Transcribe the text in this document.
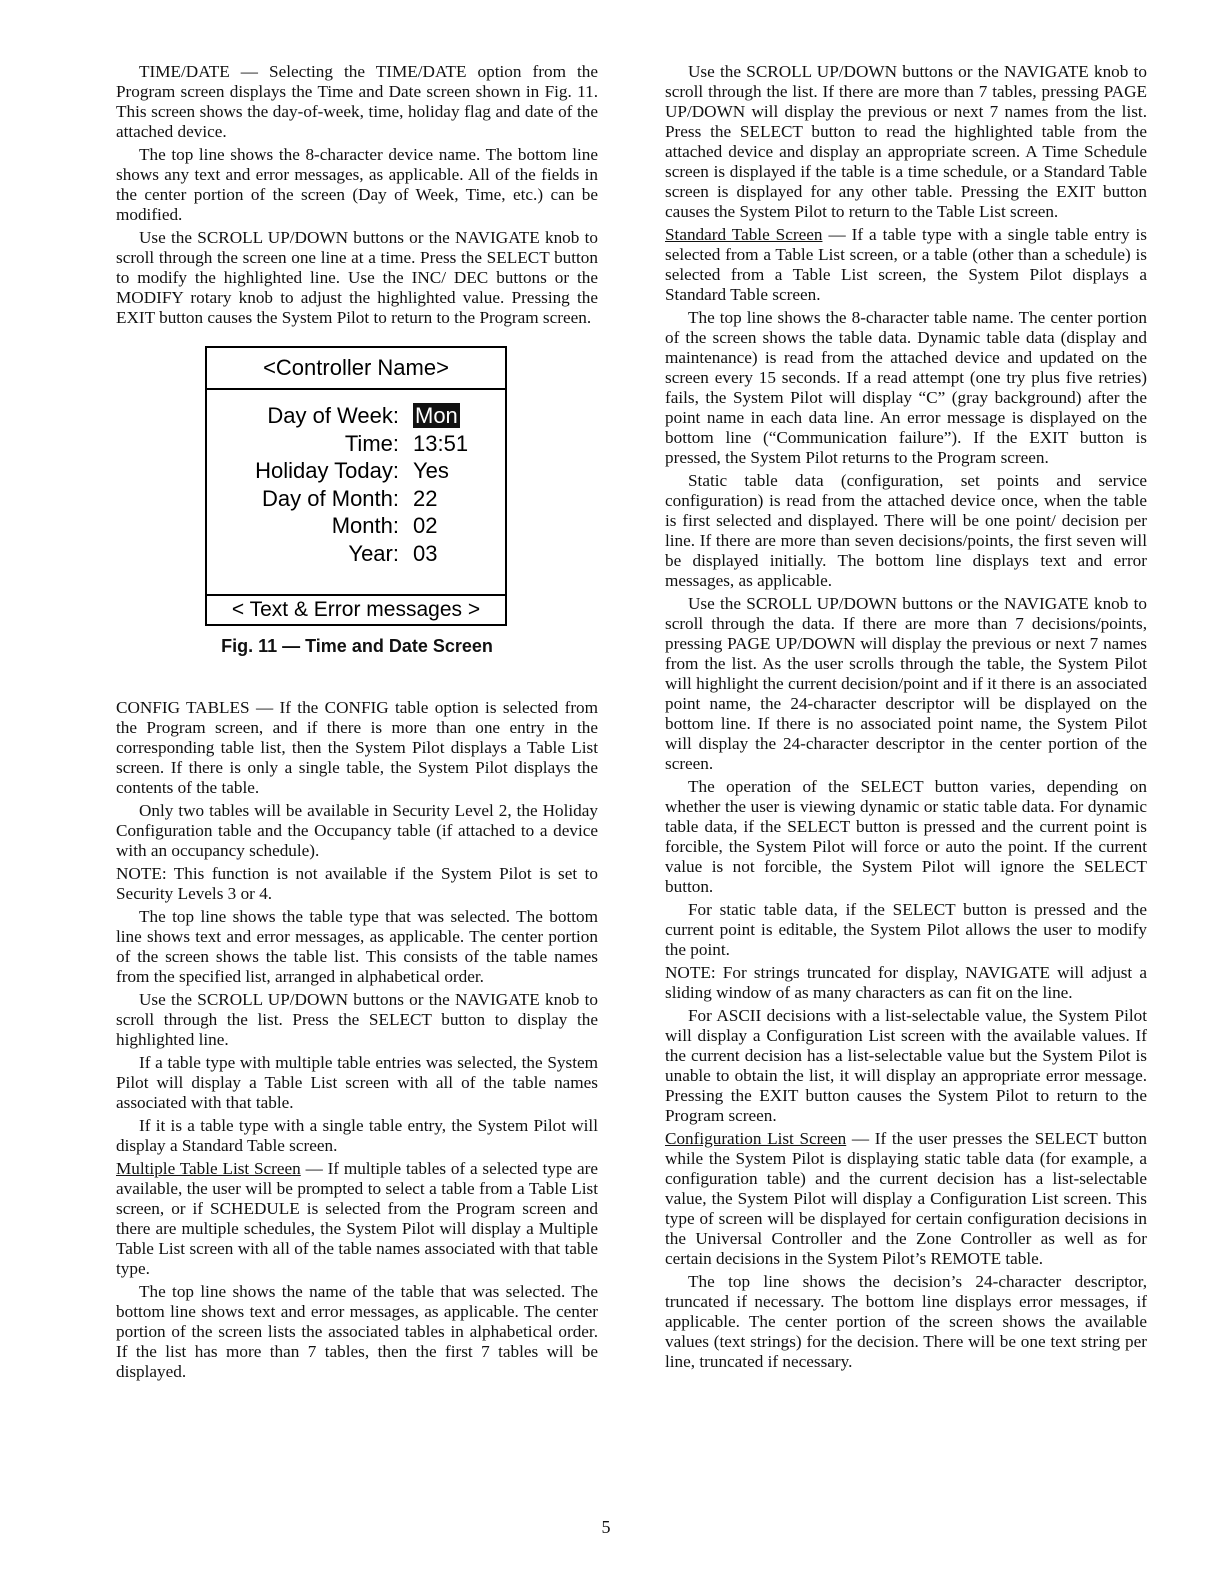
TIME/DATE — Selecting the TIME/DATE option from the Program screen displays the Time and Date screen shown in Fig. 11. This screen shows the day-of-week, time, holiday flag and date of the attached device.

The top line shows the 8-character device name. The bottom line shows any text and error messages, as applicable. All of the fields in the center portion of the screen (Day of Week, Time, etc.) can be modified.

Use the SCROLL UP/DOWN buttons or the NAVIGATE knob to scroll through the screen one line at a time. Press the SELECT button to modify the highlighted line. Use the INC/ DEC buttons or the MODIFY rotary knob to adjust the highlighted value. Pressing the EXIT button causes the System Pilot to return to the Program screen.

<Controller Name>
Day of Week: Mon
Time: 13:51
Holiday Today: Yes
Day of Month: 22
Month: 02
Year: 03
< Text & Error messages >
Fig. 11 — Time and Date Screen

CONFIG TABLES — If the CONFIG table option is selected from the Program screen, and if there is more than one entry in the corresponding table list, then the System Pilot displays a Table List screen. If there is only a single table, the System Pilot displays the contents of the table.

Only two tables will be available in Security Level 2, the Holiday Configuration table and the Occupancy table (if attached to a device with an occupancy schedule).

NOTE: This function is not available if the System Pilot is set to Security Levels 3 or 4.

The top line shows the table type that was selected. The bottom line shows text and error messages, as applicable. The center portion of the screen shows the table list. This consists of the table names from the specified list, arranged in alphabetical order.

Use the SCROLL UP/DOWN buttons or the NAVIGATE knob to scroll through the list. Press the SELECT button to display the highlighted line.

If a table type with multiple table entries was selected, the System Pilot will display a Table List screen with all of the table names associated with that table.

If it is a table type with a single table entry, the System Pilot will display a Standard Table screen.

Multiple Table List Screen — If multiple tables of a selected type are available, the user will be prompted to select a table from a Table List screen, or if SCHEDULE is selected from the Program screen and there are multiple schedules, the System Pilot will display a Multiple Table List screen with all of the table names associated with that table type.

The top line shows the name of the table that was selected. The bottom line shows text and error messages, as applicable. The center portion of the screen lists the associated tables in alphabetical order. If the list has more than 7 tables, then the first 7 tables will be displayed.

Use the SCROLL UP/DOWN buttons or the NAVIGATE knob to scroll through the list. If there are more than 7 tables, pressing PAGE UP/DOWN will display the previous or next 7 names from the list. Press the SELECT button to read the highlighted table from the attached device and display an appropriate screen. A Time Schedule screen is displayed if the table is a time schedule, or a Standard Table screen is displayed for any other table. Pressing the EXIT button causes the System Pilot to return to the Table List screen.

Standard Table Screen — If a table type with a single table entry is selected from a Table List screen, or a table (other than a schedule) is selected from a Table List screen, the System Pilot displays a Standard Table screen.

The top line shows the 8-character table name. The center portion of the screen shows the table data. Dynamic table data (display and maintenance) is read from the attached device and updated on the screen every 15 seconds. If a read attempt (one try plus five retries) fails, the System Pilot will display “C” (gray background) after the point name in each data line. An error message is displayed on the bottom line (“Communication failure”). If the EXIT button is pressed, the System Pilot returns to the Program screen.

Static table data (configuration, set points and service configuration) is read from the attached device once, when the table is first selected and displayed. There will be one point/ decision per line. If there are more than seven decisions/points, the first seven will be displayed initially. The bottom line displays text and error messages, as applicable.

Use the SCROLL UP/DOWN buttons or the NAVIGATE knob to scroll through the data. If there are more than 7 decisions/points, pressing PAGE UP/DOWN will display the previous or next 7 names from the list. As the user scrolls through the table, the System Pilot will highlight the current decision/point and if it there is an associated point name, the 24-character descriptor will be displayed on the bottom line. If there is no associated point name, the System Pilot will display the 24-character descriptor in the center portion of the screen.

The operation of the SELECT button varies, depending on whether the user is viewing dynamic or static table data. For dynamic table data, if the SELECT button is pressed and the current point is forcible, the System Pilot will force or auto the point. If the current value is not forcible, the System Pilot will ignore the SELECT button.

For static table data, if the SELECT button is pressed and the current point is editable, the System Pilot allows the user to modify the point.

NOTE: For strings truncated for display, NAVIGATE will adjust a sliding window of as many characters as can fit on the line.

For ASCII decisions with a list-selectable value, the System Pilot will display a Configuration List screen with the available values. If the current decision has a list-selectable value but the System Pilot is unable to obtain the list, it will display an appropriate error message. Pressing the EXIT button causes the System Pilot to return to the Program screen.

Configuration List Screen — If the user presses the SELECT button while the System Pilot is displaying static table data (for example, a configuration table) and the current decision has a list-selectable value, the System Pilot will display a Configuration List screen. This type of screen will be displayed for certain configuration decisions in the Universal Controller and the Zone Controller as well as for certain decisions in the System Pilot’s REMOTE table.

The top line shows the decision’s 24-character descriptor, truncated if necessary. The bottom line displays error messages, if applicable. The center portion of the screen shows the available values (text strings) for the decision. There will be one text string per line, truncated if necessary.

5
